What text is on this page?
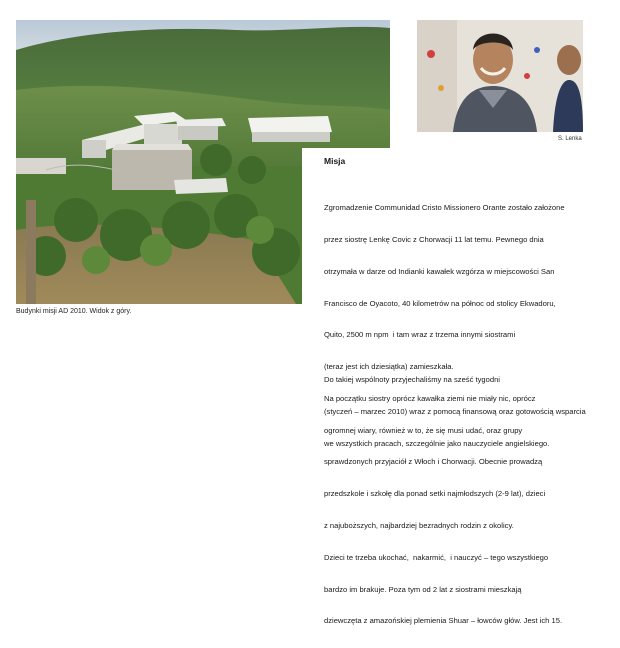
Budynki misji AD 2010. Widok z góry.
S. Lenka
Misja

Zgromadzenie Communidad Cristo Missionero Orante zostało założone

przez siostrę Lenkę Covic z Chorwacji 11 lat temu. Pewnego dnia

otrzymała w darze od Indianki kawałek wzgórza w miejscowości San

Francisco de Oyacoto, 40 kilometrów na północ od stolicy Ekwadoru,

Quito, 2500 m npm  i tam wraz z trzema innymi siostrami

(teraz jest ich dziesiątka) zamieszkała.

Na początku siostry oprócz kawałka ziemi nie miały nic, oprócz

ogromnej wiary, również w to, że się musi udać, oraz grupy

sprawdzonych przyjaciół z Włoch i Chorwacji. Obecnie prowadzą

przedszkole i szkołę dla ponad setki najmłodszych (2-9 lat), dzieci

z najuboższych, najbardziej bezradnych rodzin z okolicy.

Dzieci te trzeba ukochać,  nakarmić,  i nauczyć – tego wszystkiego

bardzo im brakuje. Poza tym od 2 lat z siostrami mieszkają

dziewczęta z amazońskiej plemienia Shuar – łowców głów. Jest ich 15.

Do takiej wspólnoty przyjechaliśmy na sześć tygodni

(styczeń – marzec 2010) wraz z pomocą finansową oraz gotowością wsparcia

we wszystkich pracach, szczególnie jako nauczyciele angielskiego.
